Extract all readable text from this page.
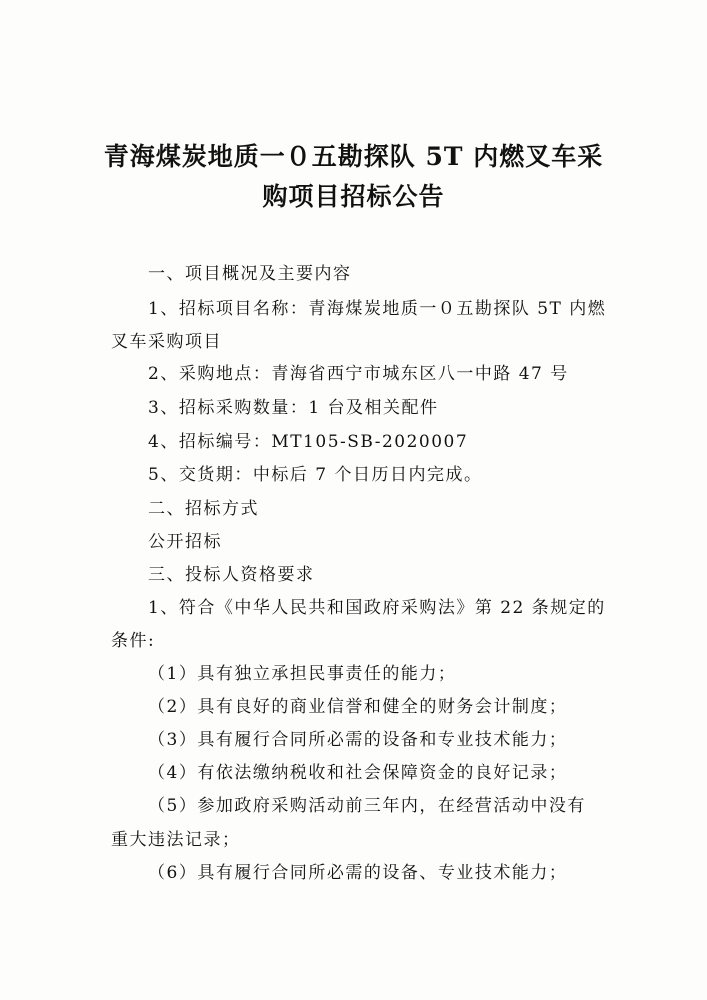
青海煤炭地质一０五勘探队 5T 内燃叉车采
购项目招标公告
一、项目概况及主要内容
1、招标项目名称：青海煤炭地质一０五勘探队 5T 内燃
叉车采购项目
2、采购地点：青海省西宁市城东区八一中路 47 号
3、招标采购数量：1 台及相关配件
4、招标编号：MT105-SB-2020007
5、交货期：中标后 7 个日历日内完成。
二、招标方式
公开招标
三、投标人资格要求
1、符合《中华人民共和国政府采购法》第 22 条规定的
条件:
（1）具有独立承担民事责任的能力；
（2）具有良好的商业信誉和健全的财务会计制度；
（3）具有履行合同所必需的设备和专业技术能力；
（4）有依法缴纳税收和社会保障资金的良好记录；
（5）参加政府采购活动前三年内，在经营活动中没有
重大违法记录；
（6）具有履行合同所必需的设备、专业技术能力；
